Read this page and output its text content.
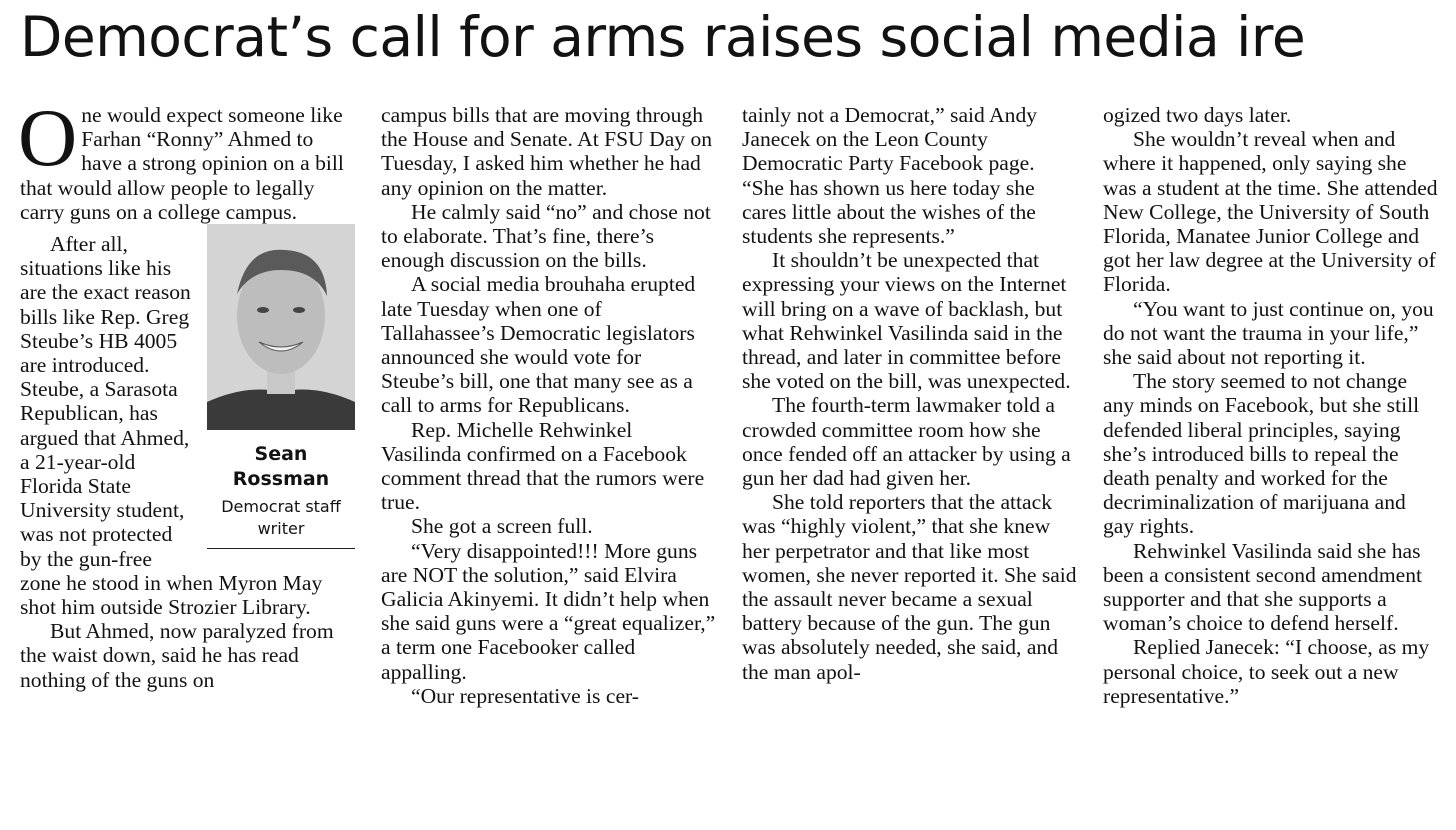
Democrat’s call for arms raises social media ire

One would expect someone like Farhan “Ronny” Ahmed to have a strong opinion on a bill that would allow people to legally carry guns on a college campus.

Sean Rossman
Democrat staff writer

After all, situations like his are the exact reason bills like Rep. Greg Steube’s HB 4005 are introduced. Steube, a Sarasota Republican, has argued that Ahmed, a 21-year-old Florida State University student, was not protected by the gun-free zone he stood in when Myron May shot him outside Strozier Library.

But Ahmed, now paralyzed from the waist down, said he has read nothing of the guns on

campus bills that are moving through the House and Senate. At FSU Day on Tuesday, I asked him whether he had any opinion on the matter.

He calmly said “no” and chose not to elaborate. That’s fine, there’s enough discussion on the bills.

A social media brouhaha erupted late Tuesday when one of Tallahassee’s Democratic legislators announced she would vote for Steube’s bill, one that many see as a call to arms for Republicans.

Rep. Michelle Rehwinkel Vasilinda confirmed on a Facebook comment thread that the rumors were true.

She got a screen full.

“Very disappointed!!! More guns are NOT the solution,” said Elvira Galicia Akinyemi. It didn’t help when she said guns were a “great equalizer,” a term one Facebooker called appalling.

“Our representative is cer-

tainly not a Democrat,” said Andy Janecek on the Leon County Democratic Party Facebook page. “She has shown us here today she cares little about the wishes of the students she represents.”

It shouldn’t be unexpected that expressing your views on the Internet will bring on a wave of backlash, but what Rehwinkel Vasilinda said in the thread, and later in committee before she voted on the bill, was unexpected.

The fourth-term lawmaker told a crowded committee room how she once fended off an attacker by using a gun her dad had given her.

She told reporters that the attack was “highly violent,” that she knew her perpetrator and that like most women, she never reported it. She said the assault never became a sexual battery because of the gun. The gun was absolutely needed, she said, and the man apol-

ogized two days later.

She wouldn’t reveal when and where it happened, only saying she was a student at the time. She attended New College, the University of South Florida, Manatee Junior College and got her law degree at the University of Florida.

“You want to just continue on, you do not want the trauma in your life,” she said about not reporting it.

The story seemed to not change any minds on Facebook, but she still defended liberal principles, saying she’s introduced bills to repeal the death penalty and worked for the decriminalization of marijuana and gay rights.

Rehwinkel Vasilinda said she has been a consistent second amendment supporter and that she supports a woman’s choice to defend herself.

Replied Janecek: “I choose, as my personal choice, to seek out a new representative.”
